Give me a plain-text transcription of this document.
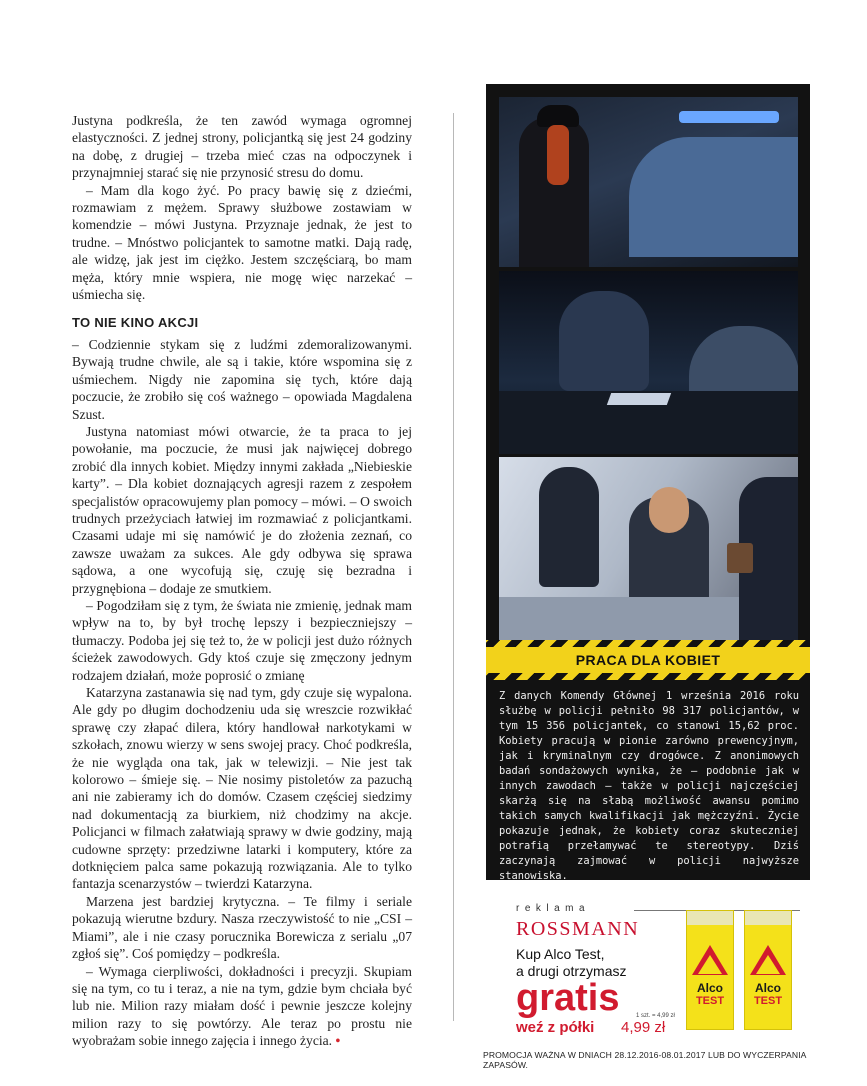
Justyna podkreśla, że ten zawód wymaga ogromnej elastyczności. Z jednej strony, policjantką się jest 24 godziny na dobę, z drugiej – trzeba mieć czas na odpoczynek i przynajmniej starać się nie przynosić stresu do domu.

– Mam dla kogo żyć. Po pracy bawię się z dziećmi, rozmawiam z mężem. Sprawy służbowe zostawiam w komendzie – mówi Justyna. Przyznaje jednak, że jest to trudne. – Mnóstwo policjantek to samotne matki. Dają radę, ale widzę, jak jest im ciężko. Jestem szczęściarą, bo mam męża, który mnie wspiera, nie mogę więc narzekać – uśmiecha się.

TO NIE KINO AKCJI

– Codziennie stykam się z ludźmi zdemoralizowanymi. Bywają trudne chwile, ale są i takie, które wspomina się z uśmiechem. Nigdy nie zapomina się tych, które dają poczucie, że zrobiło się coś ważnego – opowiada Magdalena Szust.

Justyna natomiast mówi otwarcie, że ta praca to jej powołanie, ma poczucie, że musi jak najwięcej dobrego zrobić dla innych kobiet. Między innymi zakłada „Niebieskie karty”. – Dla kobiet doznających agresji razem z zespołem specjalistów opracowujemy plan pomocy – mówi. – O swoich trudnych przeżyciach łatwiej im rozmawiać z policjantkami. Czasami udaje mi się namówić je do złożenia zeznań, co zawsze uważam za sukces. Ale gdy odbywa się sprawa sądowa, a one wycofują się, czuję się bezradna i przygnębiona – dodaje ze smutkiem.

– Pogodziłam się z tym, że świata nie zmienię, jednak mam wpływ na to, by był trochę lepszy i bezpieczniejszy – tłumaczy. Podoba jej się też to, że w policji jest dużo różnych ścieżek zawodowych. Gdy ktoś czuje się zmęczony jednym rodzajem działań, może poprosić o zmianę

Katarzyna zastanawia się nad tym, gdy czuje się wypalona. Ale gdy po długim dochodzeniu uda się wreszcie rozwikłać sprawę czy złapać dilera, który handlował narkotykami w szkołach, znowu wierzy w sens swojej pracy. Choć podkreśla, że nie wygląda ona tak, jak w telewizji. – Nie jest tak kolorowo – śmieje się. – Nie nosimy pistoletów za pazuchą ani nie zabieramy ich do domów. Czasem częściej siedzimy nad dokumentacją za biurkiem, niż chodzimy na akcje. Policjanci w filmach załatwiają sprawy w dwie godziny, mają cudowne sprzęty: przedziwne latarki i komputery, które za dotknięciem palca same pokazują rozwiązania. Ale to tylko fantazja scenarzystów – twierdzi Katarzyna.

Marzena jest bardziej krytyczna. – Te filmy i seriale pokazują wierutne bzdury. Nasza rzeczywistość to nie „CSI – Miami”, ale i nie czasy porucznika Borewicza z serialu „07 zgłoś się”. Coś pomiędzy – podkreśla.

– Wymaga cierpliwości, dokładności i precyzji. Skupiam się na tym, co tu i teraz, a nie na tym, gdzie bym chciała być lub nie. Milion razy miałam dość i pewnie jeszcze kolejny milion razy to się powtórzy. Ale teraz po prostu nie wyobrażam sobie innego zajęcia i innego życia. •

PRACA DLA KOBIET
Z danych Komendy Głównej 1 września 2016 roku służbę w policji pełniło 98 317 policjantów, w tym 15 356 policjantek, co stanowi 15,62 proc. Kobiety pracują w pionie zarówno prewencyjnym, jak i kryminalnym czy drogówce. Z anonimowych badań sondażowych wynika, że – podobnie jak w innych zawodach – także w policji najczęściej skarżą się na słabą możliwość awansu pomimo takich samych kwalifikacji jak mężczyźni. Życie pokazuje jednak, że kobiety coraz skuteczniej potrafią przełamywać te stereotypy. Dziś zaczynają zajmować w policji najwyższe stanowiska.
reklama
ROSSMANN
Kup Alco Test,
a drugi otrzymasz
gratis
weź z półki
1 szt. = 4,99 zł
4,99 zł
Alco
TEST
Alco
TEST
PROMOCJA WAŻNA W DNIACH 28.12.2016-08.01.2017 LUB DO WYCZERPANIA ZAPASÓW.
